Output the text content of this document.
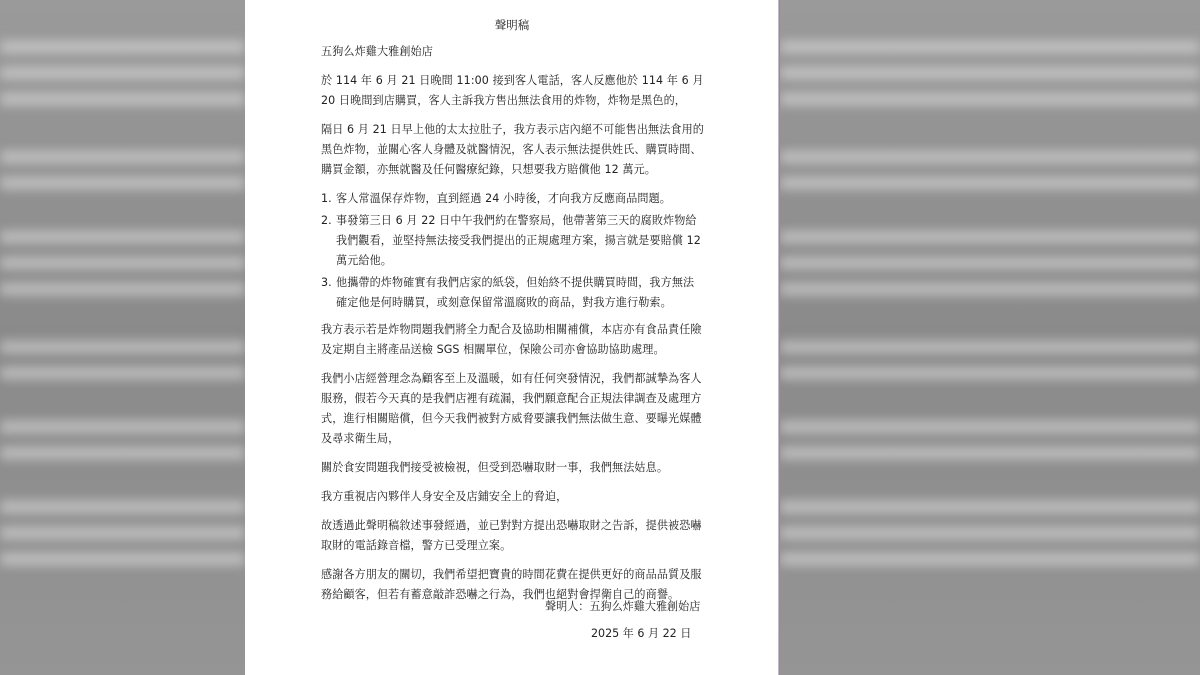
聲明稿

五狗么炸雞大雅創始店

於 114 年 6 月 21 日晚間 11:00 接到客人電話，客人反應他於 114 年 6 月 20 日晚間到店購買，客人主訴我方售出無法食用的炸物，炸物是黑色的，

隔日 6 月 21 日早上他的太太拉肚子，我方表示店內絕不可能售出無法食用的黑色炸物，並關心客人身體及就醫情況，客人表示無法提供姓氏、購買時間、購買金額，亦無就醫及任何醫療紀錄，只想要我方賠償他 12 萬元。

1. 客人常溫保存炸物，直到經過 24 小時後，才向我方反應商品問題。
2. 事發第三日 6 月 22 日中午我們約在警察局，他帶著第三天的腐敗炸物給我們觀看，並堅持無法接受我們提出的正規處理方案，揚言就是要賠償 12 萬元給他。
3. 他攜帶的炸物確實有我們店家的紙袋，但始終不提供購買時間，我方無法確定他是何時購買，或刻意保留常溫腐敗的商品，對我方進行勒索。

我方表示若是炸物問題我們將全力配合及協助相關補償，本店亦有食品責任險及定期自主將產品送檢 SGS 相關單位，保險公司亦會協助協助處理。

我們小店經營理念為顧客至上及溫暖，如有任何突發情況，我們都誠摯為客人服務，假若今天真的是我們店裡有疏漏，我們願意配合正規法律調查及處理方式，進行相關賠償，但今天我們被對方威脅要讓我們無法做生意、要曝光媒體及尋求衛生局，

關於食安問題我們接受被檢視，但受到恐嚇取財一事，我們無法姑息。

我方重視店內夥伴人身安全及店鋪安全上的脅迫，

故透過此聲明稿敘述事發經過，並已對對方提出恐嚇取財之告訴，提供被恐嚇取財的電話錄音檔，警方已受理立案。

感謝各方朋友的關切，我們希望把寶貴的時間花費在提供更好的商品品質及服務給顧客，但若有蓄意敲詐恐嚇之行為，我們也絕對會捍衛自己的商譽。

聲明人：五狗么炸雞大雅創始店
2025 年 6 月 22 日
